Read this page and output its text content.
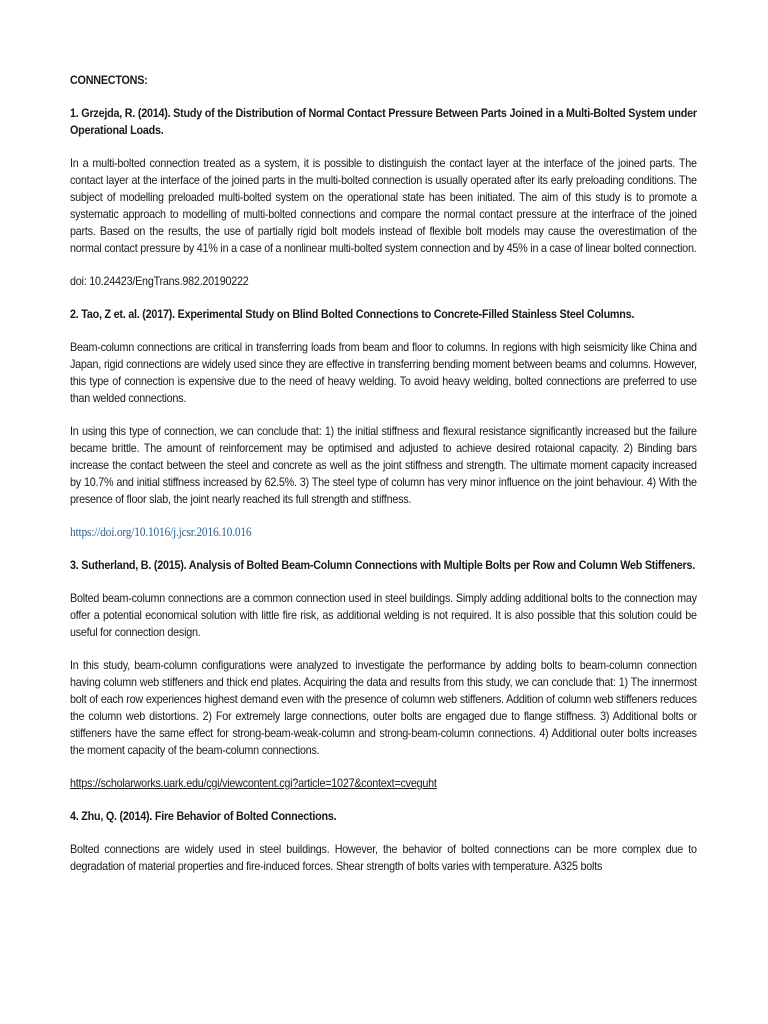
CONNECTONS:

1. Grzejda, R. (2014). Study of the Distribution of Normal Contact Pressure Between Parts Joined in a Multi-Bolted System under Operational Loads.

In a multi-bolted connection treated as a system, it is possible to distinguish the contact layer at the interface of the joined parts. The contact layer at the interface of the joined parts in the multi-bolted connection is usually operated after its early preloading conditions. The subject of modelling preloaded multi-bolted system on the operational state has been initiated. The aim of this study is to promote a systematic approach to modelling of multi-bolted connections and compare the normal contact pressure at the interfrace of the joined parts. Based on the results, the use of partially rigid bolt models instead of flexible bolt models may cause the overestimation of the normal contact pressure by 41% in a case of a nonlinear multi-bolted system connection and by 45% in a case of linear bolted connection.

doi: 10.24423/EngTrans.982.20190222

2. Tao, Z et. al. (2017). Experimental Study on Blind Bolted Connections to Concrete-Filled Stainless Steel Columns.

Beam-column connections are critical in transferring loads from beam and floor to columns. In regions with high seismicity like China and Japan, rigid connections are widely used since they are effective in transferring bending moment between beams and columns. However, this type of connection is expensive due to the need of heavy welding. To avoid heavy welding, bolted connections are preferred to use than welded connections.

In using this type of connection, we can conclude that: 1) the initial stiffness and flexural resistance significantly increased but the failure became brittle. The amount of reinforcement may be optimised and adjusted to achieve desired rotaional capacity. 2) Binding bars increase the contact between the steel and concrete as well as the joint stiffness and strength. The ultimate moment capacity increased by 10.7% and initial stiffness increased by 62.5%. 3) The steel type of column has very minor influence on the joint behaviour. 4) With the presence of floor slab, the joint nearly reached its full strength and stiffness.

https://doi.org/10.1016/j.jcsr.2016.10.016

3. Sutherland, B. (2015). Analysis of Bolted Beam-Column Connections with Multiple Bolts per Row and Column Web Stiffeners.

Bolted beam-column connections are a common connection used in steel buildings. Simply adding additional bolts to the connection may offer a potential economical solution with little fire risk, as additional welding is not required. It is also possible that this solution could be useful for connection design.

In this study, beam-column configurations were analyzed to investigate the performance by adding bolts to beam-column connection having column web stiffeners and thick end plates. Acquiring the data and results from this study, we can conclude that: 1) The innermost bolt of each row experiences highest demand even with the presence of column web stiffeners. Addition of column web stiffeners reduces the column web distortions. 2) For extremely large connections, outer bolts are engaged due to flange stiffness. 3) Additional bolts or stiffeners have the same effect for strong-beam-weak-column and strong-beam-column connections. 4) Additional outer bolts increases the moment capacity of the beam-column connections.

https://scholarworks.uark.edu/cgi/viewcontent.cgi?article=1027&context=cveguht

4. Zhu, Q. (2014). Fire Behavior of Bolted Connections.

Bolted connections are widely used in steel buildings. However, the behavior of bolted connections can be more complex due to degradation of material properties and fire-induced forces. Shear strength of bolts varies with temperature. A325 bolts
